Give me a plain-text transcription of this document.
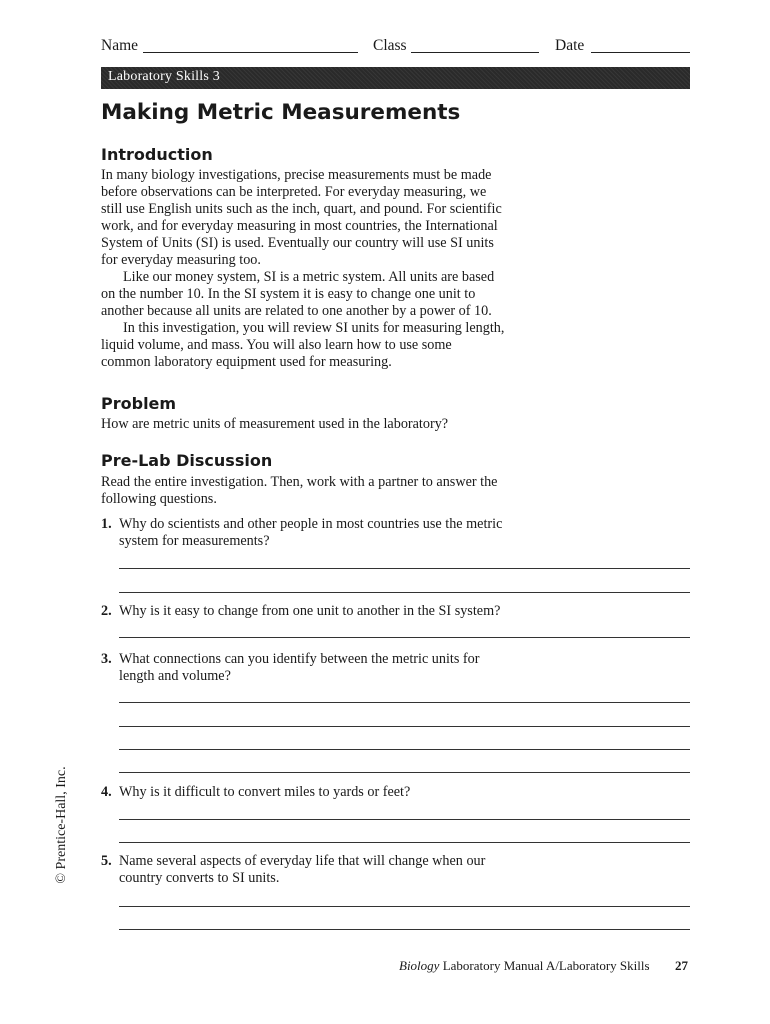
Name	Class	Date
Laboratory Skills 3
Making Metric Measurements
Introduction
In many biology investigations, precise measurements must be made
before observations can be interpreted. For everyday measuring, we
still use English units such as the inch, quart, and pound. For scientific
work, and for everyday measuring in most countries, the International
System of Units (SI) is used. Eventually our country will use SI units
for everyday measuring too.
Like our money system, SI is a metric system. All units are based
on the number 10. In the SI system it is easy to change one unit to
another because all units are related to one another by a power of 10.
In this investigation, you will review SI units for measuring length,
liquid volume, and mass. You will also learn how to use some
common laboratory equipment used for measuring.
Problem
How are metric units of measurement used in the laboratory?
Pre-Lab Discussion
Read the entire investigation. Then, work with a partner to answer the
following questions.
1. Why do scientists and other people in most countries use the metric
system for measurements?
2. Why is it easy to change from one unit to another in the SI system?
3. What connections can you identify between the metric units for
length and volume?
4. Why is it difficult to convert miles to yards or feet?
5. Name several aspects of everyday life that will change when our
country converts to SI units.
© Prentice-Hall, Inc.
Biology Laboratory Manual A/Laboratory Skills 27
